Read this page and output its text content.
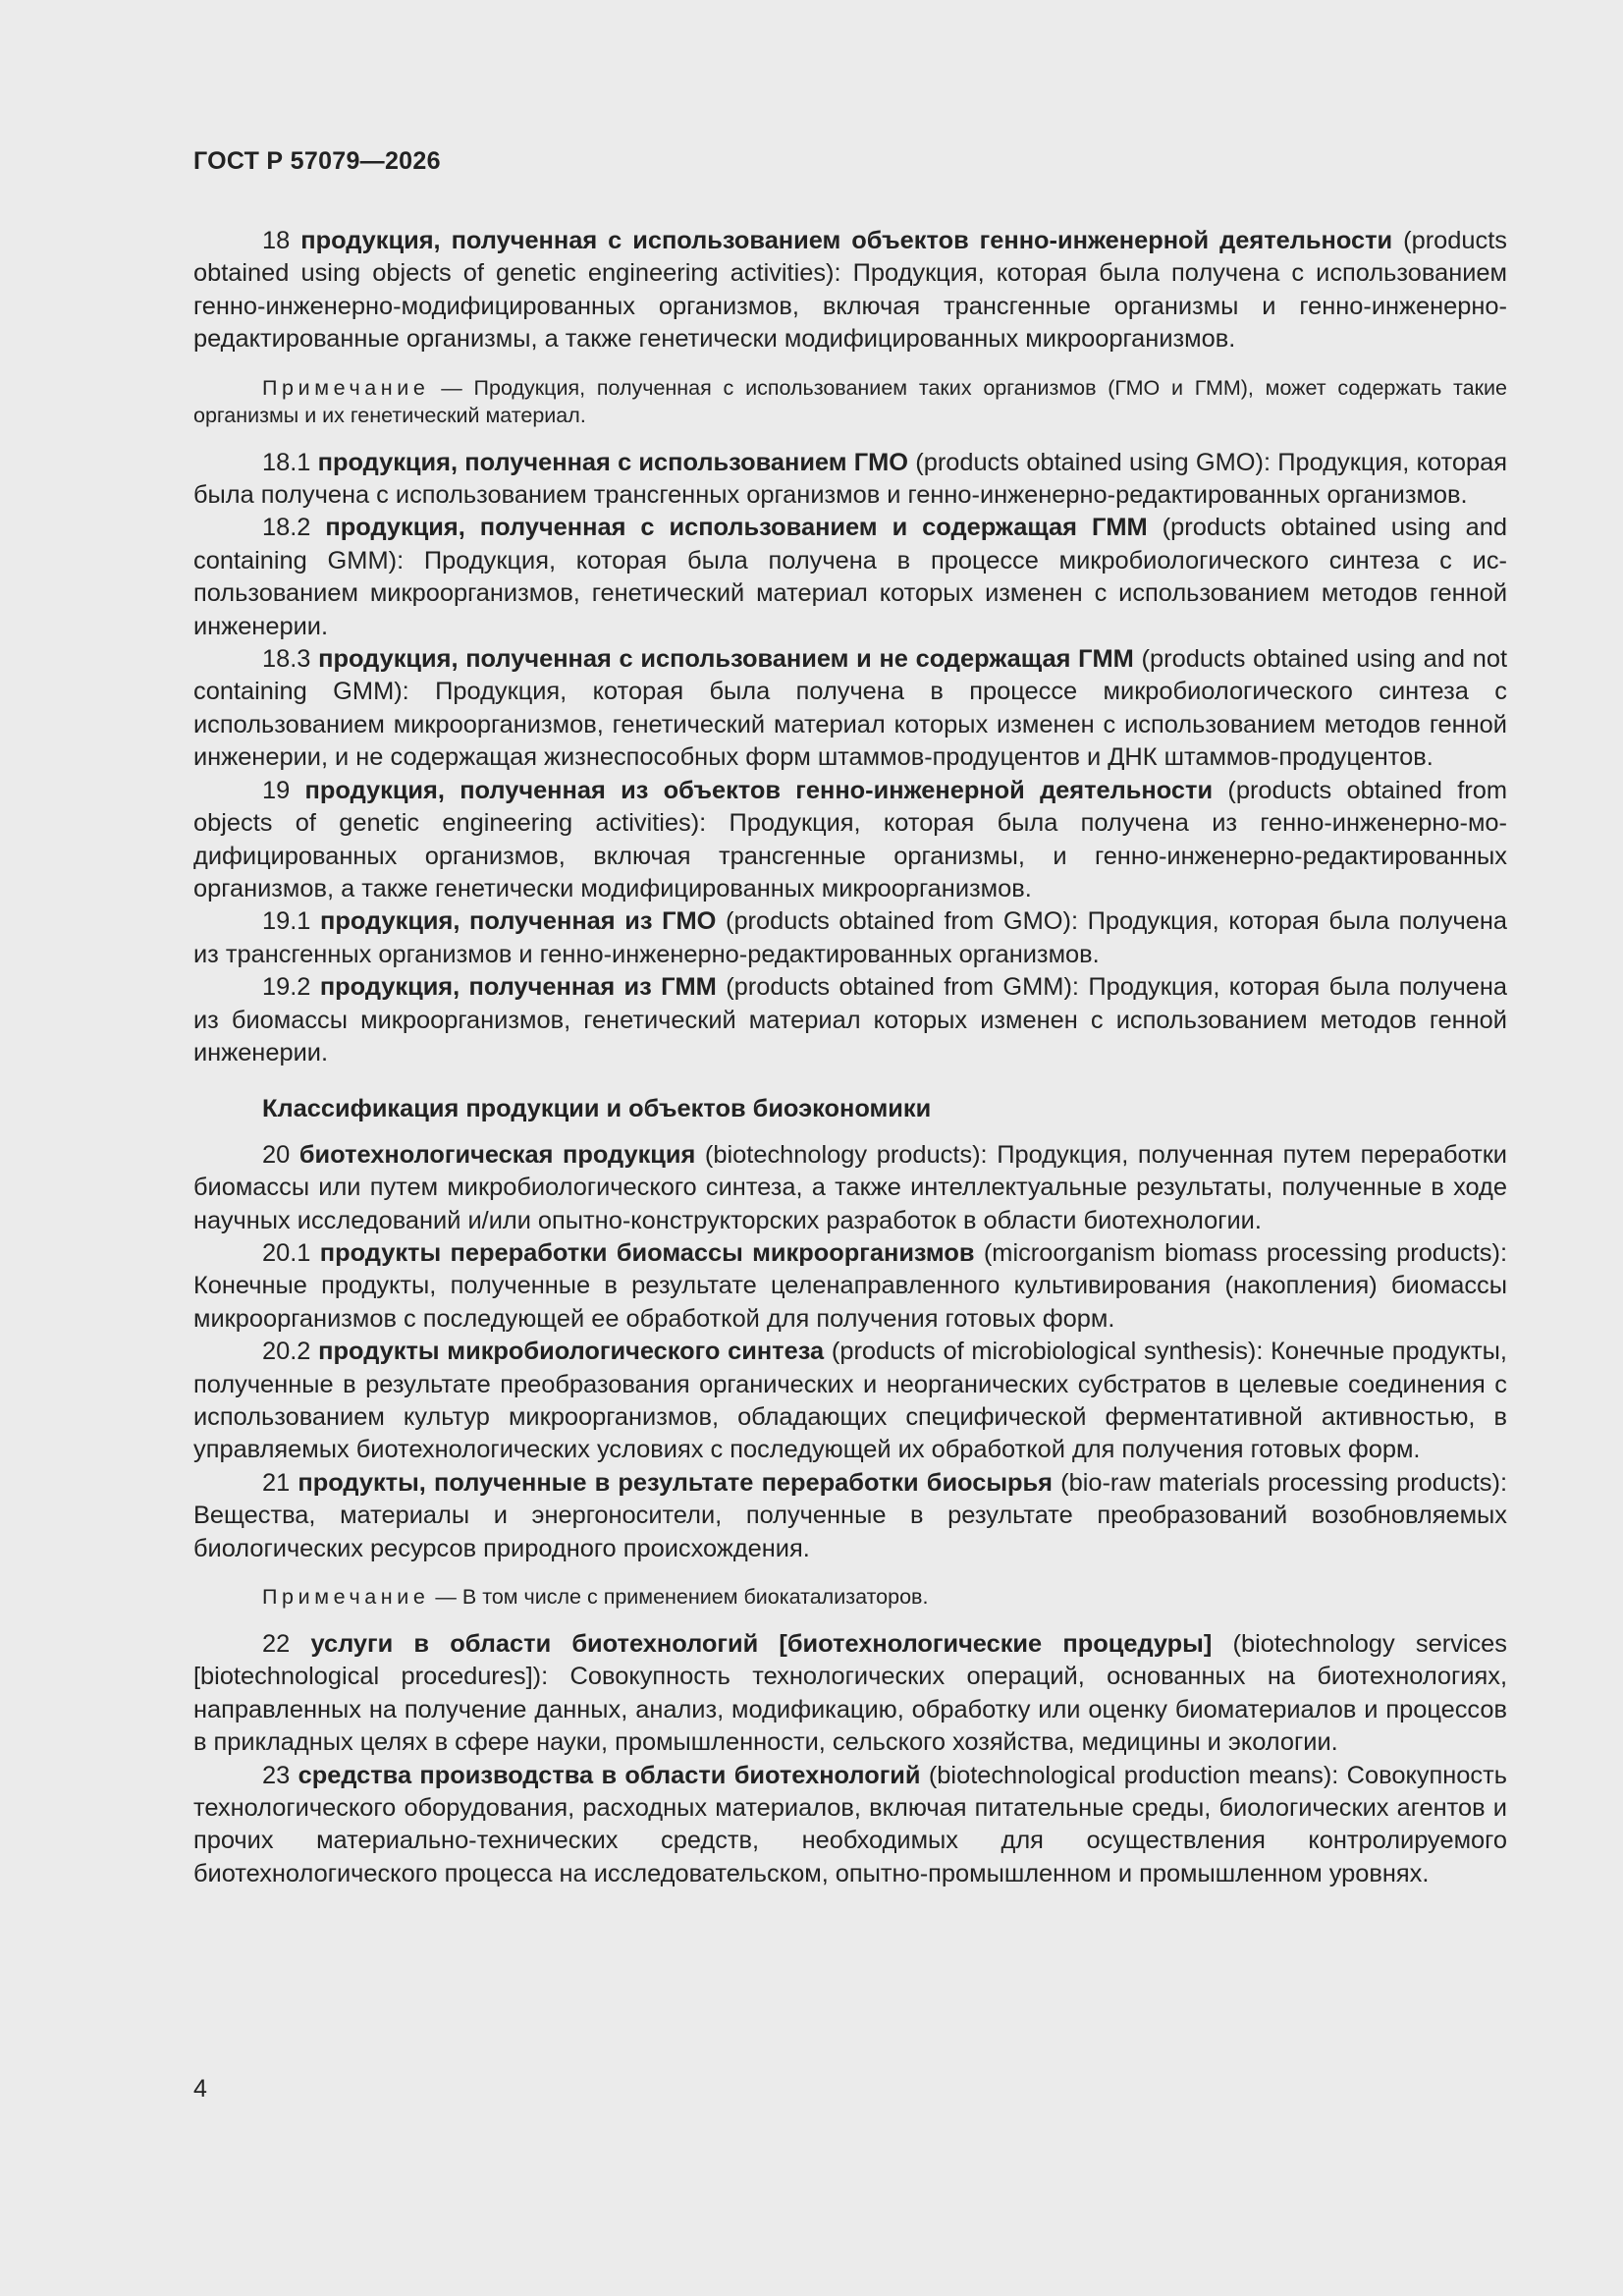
ГОСТ Р 57079—2026

18 продукция, полученная с использованием объектов генно-инженерной деятельности (products obtained using objects of genetic engineering activities): Продукция, которая была получена с использованием генно-инженерно-модифицированных организмов, включая трансгенные организмы и генно-инженерно-редактированные организмы, а также генетически модифицированных микроорганизмов.

Примечание — Продукция, полученная с использованием таких организмов (ГМО и ГММ), может содержать такие организмы и их генетический материал.

18.1 продукция, полученная с использованием ГМО (products obtained using GMO): Продукция, которая была получена с использованием трансгенных организмов и генно-инженерно-редактированных организмов.

18.2 продукция, полученная с использованием и содержащая ГММ (products obtained using and containing GMM): Продукция, которая была получена в процессе микробиологического синтеза с использованием микроорганизмов, генетический материал которых изменен с использованием методов генной инженерии.

18.3 продукция, полученная с использованием и не содержащая ГММ (products obtained using and not containing GMM): Продукция, которая была получена в процессе микробиологического синтеза с использованием микроорганизмов, генетический материал которых изменен с использованием методов генной инженерии, и не содержащая жизнеспособных форм штаммов-продуцентов и ДНК штаммов-продуцентов.

19 продукция, полученная из объектов генно-инженерной деятельности (products obtained from objects of genetic engineering activities): Продукция, которая была получена из генно-инженерно-модифицированных организмов, включая трансгенные организмы, и генно-инженерно-редактированных организмов, а также генетически модифицированных микроорганизмов.

19.1 продукция, полученная из ГМО (products obtained from GMO): Продукция, которая была получена из трансгенных организмов и генно-инженерно-редактированных организмов.

19.2 продукция, полученная из ГММ (products obtained from GMM): Продукция, которая была получена из биомассы микроорганизмов, генетический материал которых изменен с использованием методов генной инженерии.

Классификация продукции и объектов биоэкономики

20 биотехнологическая продукция (biotechnology products): Продукция, полученная путем переработки биомассы или путем микробиологического синтеза, а также интеллектуальные результаты, полученные в ходе научных исследований и/или опытно-конструкторских разработок в области биотехнологии.

20.1 продукты переработки биомассы микроорганизмов (microorganism biomass processing products): Конечные продукты, полученные в результате целенаправленного культивирования (накопления) биомассы микроорганизмов с последующей ее обработкой для получения готовых форм.

20.2 продукты микробиологического синтеза (products of microbiological synthesis): Конечные продукты, полученные в результате преобразования органических и неорганических субстратов в целевые соединения с использованием культур микроорганизмов, обладающих специфической ферментативной активностью, в управляемых биотехнологических условиях с последующей их обработкой для получения готовых форм.

21 продукты, полученные в результате переработки биосырья (bio-raw materials processing products): Вещества, материалы и энергоносители, полученные в результате преобразований возобновляемых биологических ресурсов природного происхождения.

Примечание — В том числе с применением биокатализаторов.

22 услуги в области биотехнологий [биотехнологические процедуры] (biotechnology services [biotechnological procedures]): Совокупность технологических операций, основанных на биотехнологиях, направленных на получение данных, анализ, модификацию, обработку или оценку биоматериалов и процессов в прикладных целях в сфере науки, промышленности, сельского хозяйства, медицины и экологии.

23 средства производства в области биотехнологий (biotechnological production means): Совокупность технологического оборудования, расходных материалов, включая питательные среды, биологических агентов и прочих материально-технических средств, необходимых для осуществления контролируемого биотехнологического процесса на исследовательском, опытно-промышленном и промышленном уровнях.

4
